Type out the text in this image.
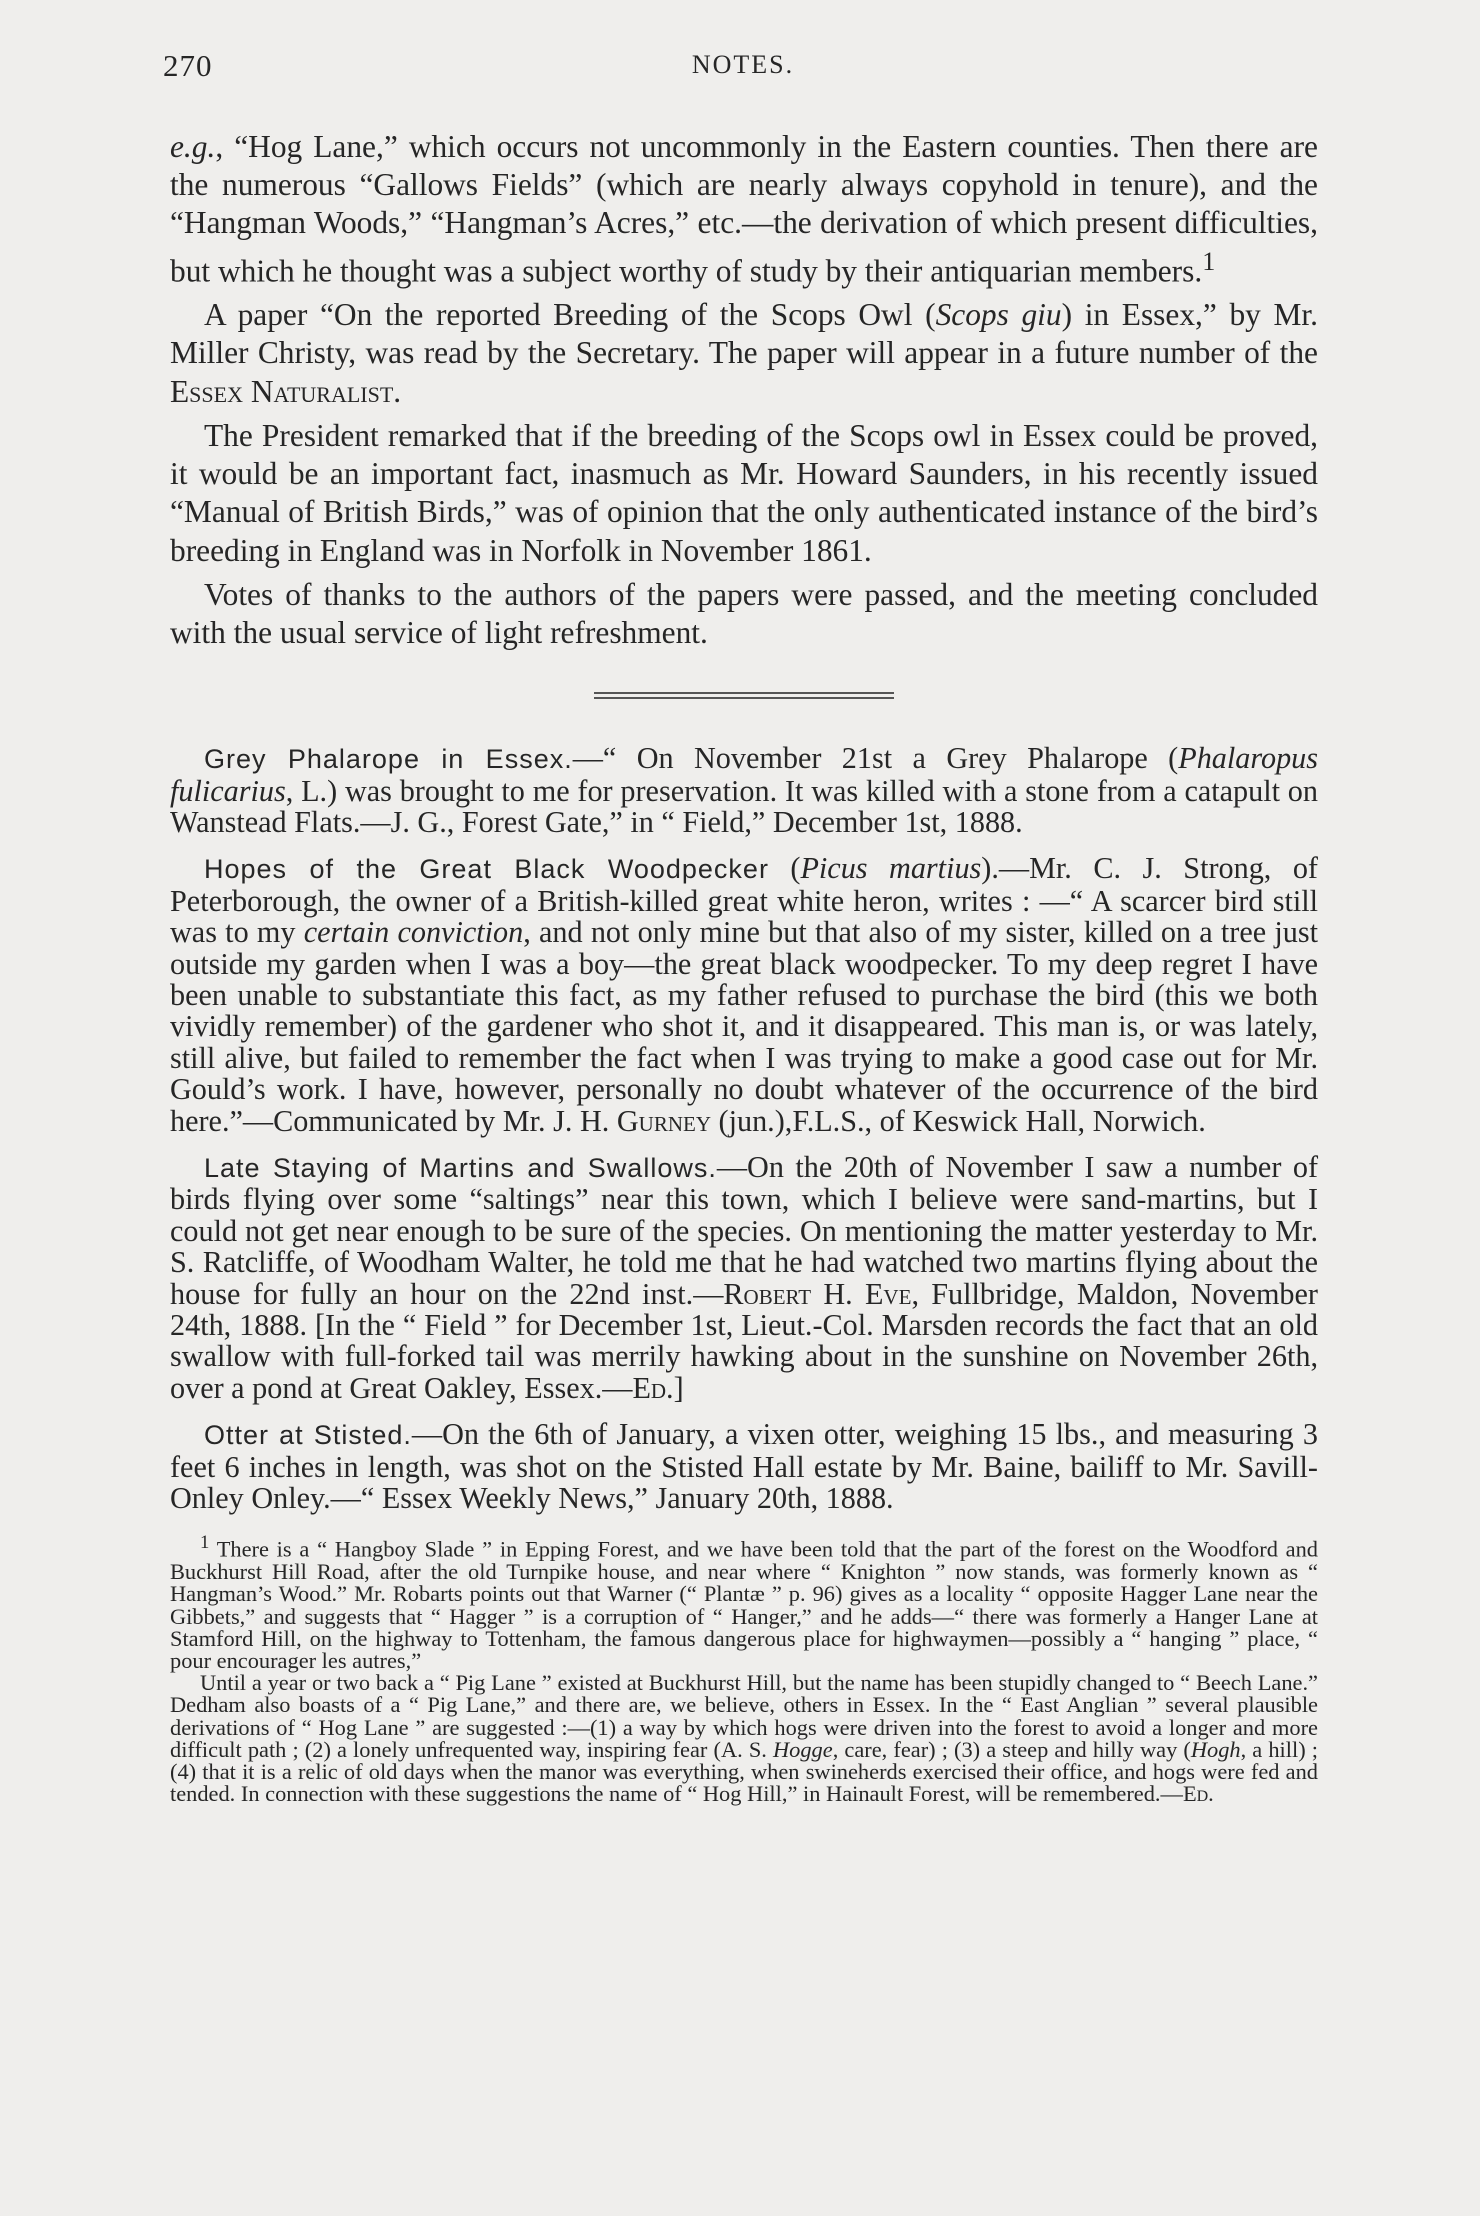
270	NOTES.

e.g., “Hog Lane,” which occurs not uncommonly in the Eastern counties. Then there are the numerous “Gallows Fields” (which are nearly always copyhold in tenure), and the “Hangman Woods,” “Hangman’s Acres,” etc.—the derivation of which present difficulties, but which he thought was a subject worthy of study by their antiquarian members.$^1$

A paper “On the reported Breeding of the Scops Owl (Scops giu) in Essex,” by Mr. Miller Christy, was read by the Secretary. The paper will appear in a future number of the Essex Naturalist.

The President remarked that if the breeding of the Scops owl in Essex could be proved, it would be an important fact, inasmuch as Mr. Howard Saunders, in his recently issued “Manual of British Birds,” was of opinion that the only authenticated instance of the bird’s breeding in England was in Norfolk in November 1861.

Votes of thanks to the authors of the papers were passed, and the meeting concluded with the usual service of light refreshment.

Grey Phalarope in Essex.—“ On November 21st a Grey Phalarope (Phalaropus fulicarius, L.) was brought to me for preservation. It was killed with a stone from a catapult on Wanstead Flats.—J. G., Forest Gate,” in “ Field,” December 1st, 1888.

Hopes of the Great Black Woodpecker (Picus martius).—Mr. C. J. Strong, of Peterborough, the owner of a British-killed great white heron, writes : —“ A scarcer bird still was to my certain conviction, and not only mine but that also of my sister, killed on a tree just outside my garden when I was a boy—the great black woodpecker. To my deep regret I have been unable to substantiate this fact, as my father refused to purchase the bird (this we both vividly remember) of the gardener who shot it, and it disappeared. This man is, or was lately, still alive, but failed to remember the fact when I was trying to make a good case out for Mr. Gould’s work. I have, however, personally no doubt whatever of the occurrence of the bird here.”—Communicated by Mr. J. H. Gurney (jun.),F.L.S., of Keswick Hall, Norwich.

Late Staying of Martins and Swallows.—On the 20th of November I saw a number of birds flying over some “saltings” near this town, which I believe were sand-martins, but I could not get near enough to be sure of the species. On mentioning the matter yesterday to Mr. S. Ratcliffe, of Woodham Walter, he told me that he had watched two martins flying about the house for fully an hour on the 22nd inst.—Robert H. Eve, Fullbridge, Maldon, November 24th, 1888. [In the “ Field ” for December 1st, Lieut.-Col. Marsden records the fact that an old swallow with full-forked tail was merrily hawking about in the sunshine on November 26th, over a pond at Great Oakley, Essex.—Ed.]

Otter at Stisted.—On the 6th of January, a vixen otter, weighing 15 lbs., and measuring 3 feet 6 inches in length, was shot on the Stisted Hall estate by Mr. Baine, bailiff to Mr. Savill-Onley Onley.—“ Essex Weekly News,” January 20th, 1888.

$^1$ There is a “ Hangboy Slade ” in Epping Forest, and we have been told that the part of the forest on the Woodford and Buckhurst Hill Road, after the old Turnpike house, and near where “ Knighton ” now stands, was formerly known as “ Hangman’s Wood.” Mr. Robarts points out that Warner (“ Plantæ ” p. 96) gives as a locality “ opposite Hagger Lane near the Gibbets,” and suggests that “ Hagger ” is a corruption of “ Hanger,” and he adds—“ there was formerly a Hanger Lane at Stamford Hill, on the highway to Tottenham, the famous dangerous place for highwaymen—possibly a “ hanging ” place, “ pour encourager les autres,”

Until a year or two back a “ Pig Lane ” existed at Buckhurst Hill, but the name has been stupidly changed to “ Beech Lane.” Dedham also boasts of a “ Pig Lane,” and there are, we believe, others in Essex. In the “ East Anglian ” several plausible derivations of “ Hog Lane ” are suggested :—(1) a way by which hogs were driven into the forest to avoid a longer and more difficult path ; (2) a lonely unfrequented way, inspiring fear (A. S. Hogge, care, fear) ; (3) a steep and hilly way (Hogh, a hill) ; (4) that it is a relic of old days when the manor was everything, when swineherds exercised their office, and hogs were fed and tended. In connection with these suggestions the name of “ Hog Hill,” in Hainault Forest, will be remembered.—Ed.
